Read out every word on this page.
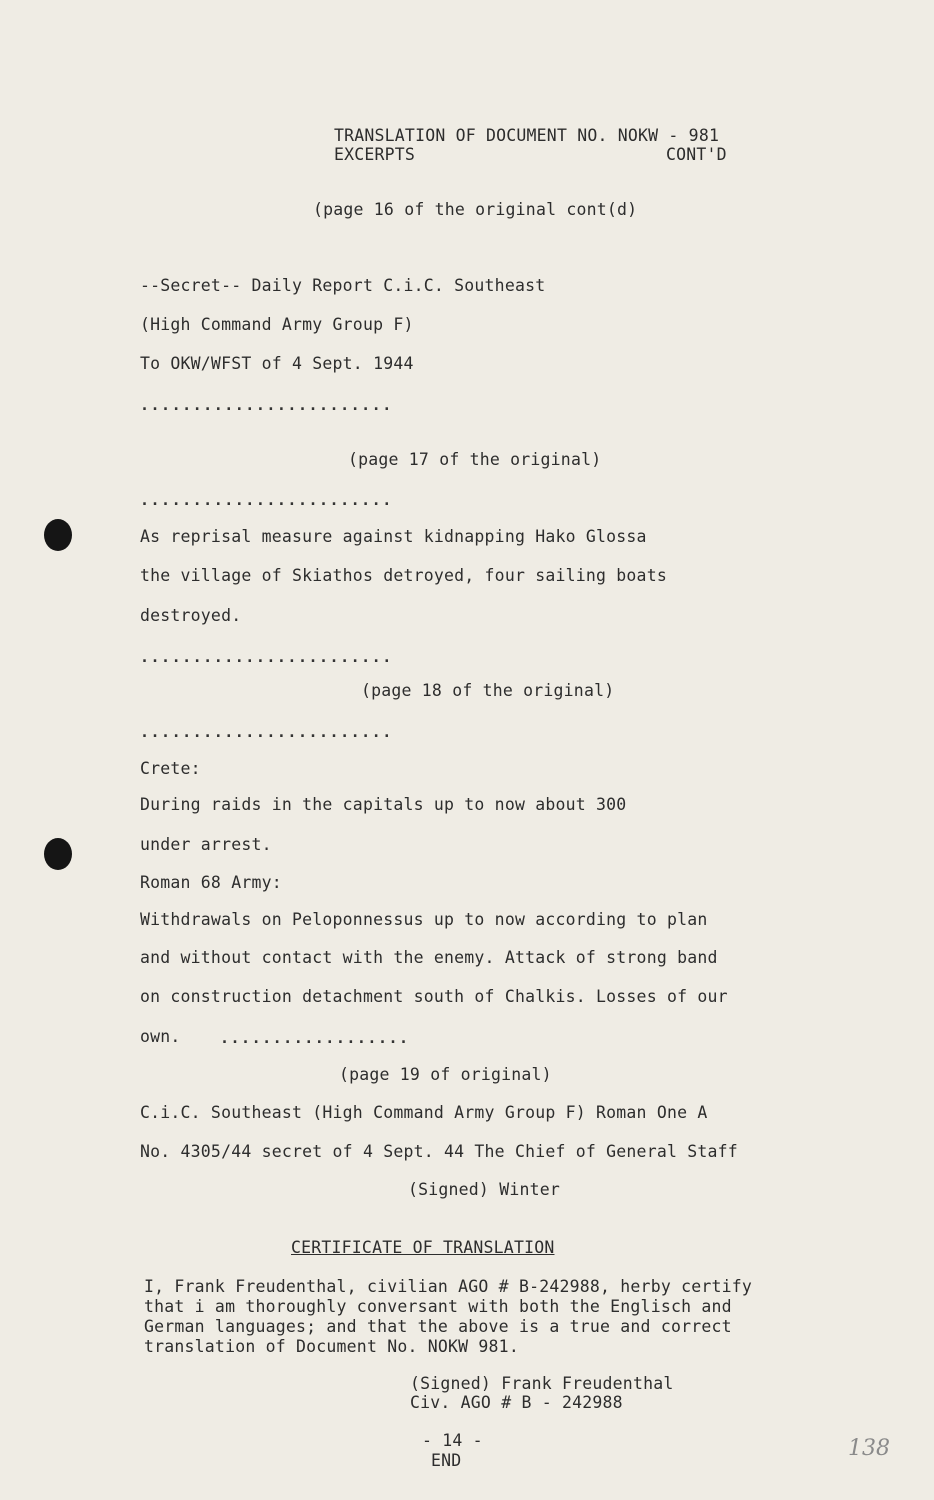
TRANSLATION OF DOCUMENT NO. NOKW - 981
EXCERPTS	CONT'D
(page 16 of the original cont(d)
--Secret-- Daily Report C.i.C. Southeast
(High Command Army Group F)
To OKW/WFST of 4 Sept. 1944
........................
(page 17 of the original)
........................
As reprisal measure against kidnapping Hako Glossa
the village of Skiathos detroyed, four sailing boats
destroyed.
........................
(page 18 of the original)
........................
Crete:
During raids in the capitals up to now about 300
under arrest.
Roman 68 Army:
Withdrawals on Peloponnessus up to now according to plan
and without contact with the enemy. Attack of strong band
on construction detachment south of Chalkis. Losses of our
own.	..................
(page 19 of original)
C.i.C. Southeast (High Command Army Group F) Roman One A
No. 4305/44 secret of 4 Sept. 44 The Chief of General Staff
(Signed) Winter
CERTIFICATE OF TRANSLATION
I, Frank Freudenthal, civilian AGO # B-242988, herby certify
that i am thoroughly conversant with both the Englisch and
German languages; and that the above is a true and correct
translation of Document No. NOKW 981.
(Signed) Frank Freudenthal
Civ. AGO # B - 242988
- 14 -
END	138
